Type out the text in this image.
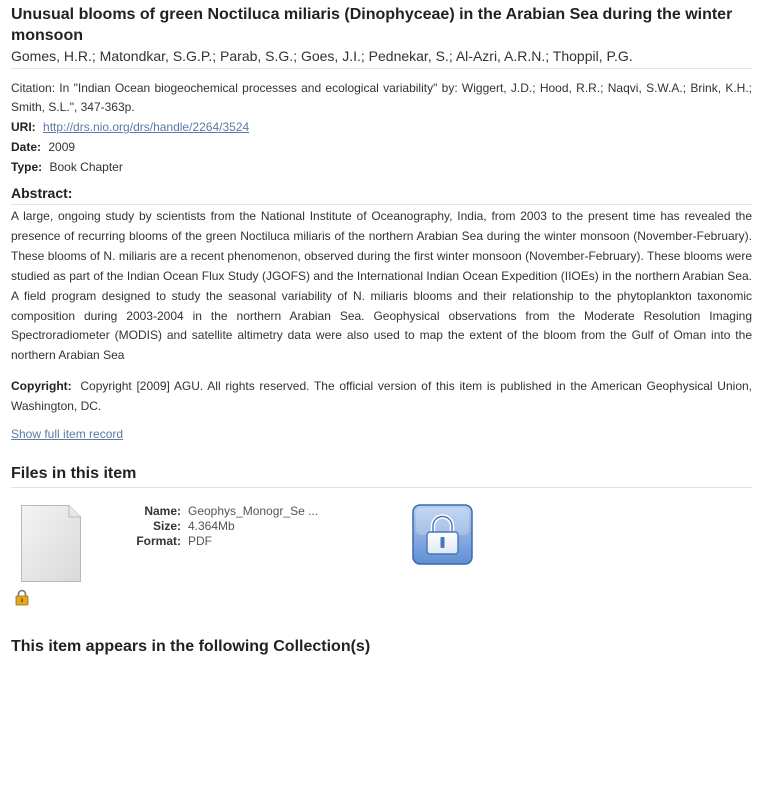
Unusual blooms of green Noctiluca miliaris (Dinophyceae) in the Arabian Sea during the winter monsoon
Gomes, H.R.; Matondkar, S.G.P.; Parab, S.G.; Goes, J.I.; Pednekar, S.; Al-Azri, A.R.N.; Thoppil, P.G.
Citation: In "Indian Ocean biogeochemical processes and ecological variability" by: Wiggert, J.D.; Hood, R.R.; Naqvi, S.W.A.; Brink, K.H.; Smith, S.L.", 347-363p.
URI: http://drs.nio.org/drs/handle/2264/3524
Date: 2009
Type: Book Chapter
Abstract:
A large, ongoing study by scientists from the National Institute of Oceanography, India, from 2003 to the present time has revealed the presence of recurring blooms of the green Noctiluca miliaris of the northern Arabian Sea during the winter monsoon (November-February). These blooms of N. miliaris are a recent phenomenon, observed during the first winter monsoon (November-February). These blooms were studied as part of the Indian Ocean Flux Study (JGOFS) and the International Indian Ocean Expedition (IIOEs) in the northern Arabian Sea. A field program designed to study the seasonal variability of N. miliaris blooms and their relationship to the phytoplankton taxonomic composition during 2003-2004 in the northern Arabian Sea. Geophysical observations from the Moderate Resolution Imaging Spectroradiometer (MODIS) and satellite altimetry data were also used to map the extent of the bloom from the Gulf of Oman into the northern Arabian Sea
Copyright: Copyright [2009] AGU. All rights reserved. The official version of this item is published in the American Geophysical Union, Washington, DC.
Show full item record
Files in this item
Name: Geophys_Monogr_Se ...
Size: 4.364Mb
Format: PDF
This item appears in the following Collection(s)
